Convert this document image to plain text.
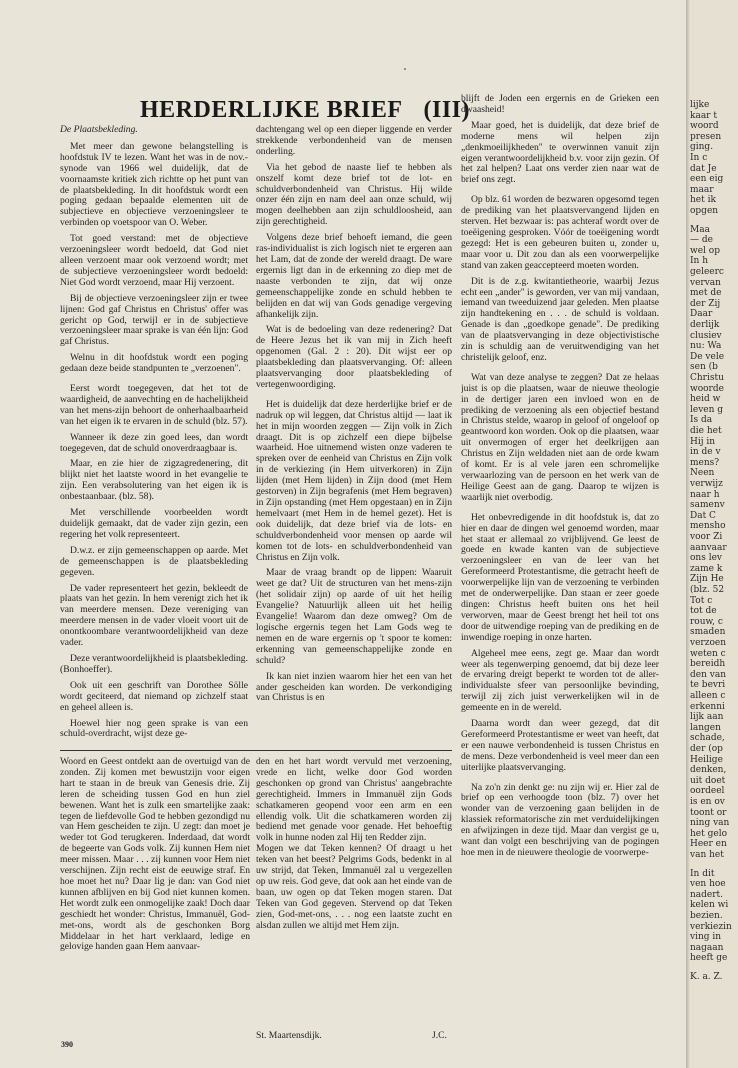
HERDERLIJKE BRIEF (III)
De Plaatsbekleding.

Met meer dan gewone belangstelling is hoofdstuk IV te lezen. Want het was in de nov.-synode van 1966 wel duidelijk, dat de voornaamste kritiek zich richtte op het punt van de plaatsbekleding. In dit hoofdstuk wordt een poging gedaan bepaalde elementen uit de subjectieve en objectieve verzoeningsleer te verbinden op voetspoor van O. Weber.

Tot goed verstand: met de objectieve verzoeningsleer wordt bedoeld, dat God niet alleen verzoent maar ook verzoend wordt; met de subjectieve verzoeningsleer wordt bedoeld: Niet God wordt verzoend, maar Hij verzoent.

Bij de objectieve verzoeningsleer zijn er twee lijnen: God gaf Christus en Christus' offer was gericht op God, terwijl er in de subjectieve verzoeningsleer maar sprake is van één lijn: God gaf Christus.

Welnu in dit hoofdstuk wordt een poging gedaan deze beide standpunten te „verzoenen".

Eerst wordt toegegeven, dat het tot de waardigheid, de aanvechting en de hachelijkheid van het mens-zijn behoort de onherhaalbaarheid van het eigen ik te ervaren in de schuld (blz. 57).

Wanneer ik deze zin goed lees, dan wordt toegegeven, dat de schuld onoverdraagbaar is.

Maar, en zie hier de zigzagredenering, dit blijkt niet het laatste woord in het evangelie te zijn. Een verabsolutering van het eigen ik is onbestaanbaar. (blz. 58).

Met verschillende voorbeelden wordt duidelijk gemaakt, dat de vader zijn gezin, een regering het volk representeert.

D.w.z. er zijn gemeenschappen op aarde. Met de gemeenschappen is de plaatsbekleding gegeven.

De vader representeert het gezin, bekleedt de plaats van het gezin. In hem verenigt zich het ik van meerdere mensen. Deze vereniging van meerdere mensen in de vader vloeit voort uit de onontkoombare verantwoordelijkheid van deze vader.

Deze verantwoordelijkheid is plaatsbekleding. (Bonhoeffer).

Ook uit een geschrift van Dorothee Sölle wordt geciteerd, dat niemand op zichzelf staat en geheel alleen is.

Hoewel hier nog geen sprake is van een schuld-overdracht, wijst deze ge-

dachtengang wel op een dieper liggende en verder strekkende verbondenheid van de mensen onderling.

Via het gebod de naaste lief te hebben als onszelf komt deze brief tot de lot- en schuldverbondenheid van Christus. Hij wilde onzer één zijn en nam deel aan onze schuld, wij mogen deelhebben aan zijn schuldloosheid, aan zijn gerechtigheid.

Volgens deze brief behoeft iemand, die geen ras-individualist is zich logisch niet te ergeren aan het Lam, dat de zonde der wereld draagt. De ware ergernis ligt dan in de erkenning zo diep met de naaste verbonden te zijn, dat wij onze gemeenschappelijke zonde en schuld hebben te belijden en dat wij van Gods genadige vergeving afhankelijk zijn.

Wat is de bedoeling van deze redenering? Dat de Heere Jezus het ik van mij in Zich heeft opgenomen (Gal. 2 : 20). Dit wijst eer op plaatsbekleding dan plaatsvervanging. Of: alleen plaatsvervanging door plaatsbekleding of vertegenwoordiging.

Het is duidelijk dat deze herderlijke brief er de nadruk op wil leggen, dat Christus altijd — laat ik het in mijn woorden zeggen — Zijn volk in Zich draagt. Dit is op zichzelf een diepe bijbelse waarheid. Hoe uitnemend wisten onze vaderen te spreken over de eenheid van Christus en Zijn volk in de verkiezing (in Hem uitverkoren) in Zijn lijden (met Hem lijden) in Zijn dood (met Hem gestorven) in Zijn begrafenis (met Hem begraven) in Zijn opstanding (met Hem opgestaan) en in Zijn hemelvaart (met Hem in de hemel gezet). Het is ook duidelijk, dat deze brief via de lots- en schuldverbondenheid voor mensen op aarde wil komen tot de lots- en schuldverbondenheid van Christus en Zijn volk.

Maar de vraag brandt op de lippen: Waaruit weet ge dat? Uit de structuren van het mens-zijn (het solidair zijn) op aarde of uit het heilig Evangelie? Natuurlijk alleen uit het heilig Evangelie! Waarom dan deze omweg? Om de logische ergernis tegen het Lam Gods weg te nemen en de ware ergernis op 't spoor te komen: erkenning van gemeenschappelijke zonde en schuld?

Ik kan niet inzien waarom hier het een van het ander gescheiden kan worden. De verkondiging van Christus is en

blijft de Joden een ergernis en de Grieken een dwaasheid!

Maar goed, het is duidelijk, dat deze brief de moderne mens wil helpen zijn „denkmoeilijkheden" te overwinnen vanuit zijn eigen verantwoordelijkheid b.v. voor zijn gezin. Of het zal helpen? Laat ons verder zien naar wat de brief ons zegt.

Op blz. 61 worden de bezwaren opgesomd tegen de prediking van het plaatsvervangend lijden en sterven. Het bezwaar is: pas achteraf wordt over de toeëigening gesproken. Vóór de toeëigening wordt gezegd: Het is een gebeuren buiten u, zonder u, maar voor u. Dit zou dan als een voorwerpelijke stand van zaken geaccepteerd moeten worden.

Dit is de z.g. kwitantietheorie, waarbij Jezus echt een „ander" is geworden, ver van mij vandaan, iemand van tweeduizend jaar geleden. Men plaatse zijn handtekening en . . . de schuld is voldaan. Genade is dan „goedkope genade". De prediking van de plaatsvervanging in deze objectivistische zin is schuldig aan de veruitwendiging van het christelijk geloof, enz.

Wat van deze analyse te zeggen? Dat ze helaas juist is op die plaatsen, waar de nieuwe theologie in de dertiger jaren een invloed won en de prediking de verzoening als een objectief bestand in Christus stelde, waarop in geloof of ongeloof op geantwoord kon worden. Ook op die plaatsen, waar uit onvermogen of erger het deelkrijgen aan Christus en Zijn weldaden niet aan de orde kwam of komt. Er is al vele jaren een schromelijke verwaarlozing van de persoon en het werk van de Heilige Geest aan de gang. Daarop te wijzen is waarlijk niet overbodig.

Het onbevredigende in dit hoofdstuk is, dat zo hier en daar de dingen wel genoemd worden, maar het staat er allemaal zo vrijblijvend. Ge leest de goede en kwade kanten van de subjectieve verzoeningsleer en van de leer van het Gereformeerd Protestantisme, die getracht heeft de voorwerpelijke lijn van de verzoening te verbinden met de onderwerpelijke. Dan staan er zeer goede dingen: Christus heeft buiten ons het heil verworven, maar de Geest brengt het heil tot ons door de uitwendige roeping van de prediking en de inwendige roeping in onze harten.

Algeheel mee eens, zegt ge. Maar dan wordt weer als tegenwerping genoemd, dat bij deze leer de ervaring dreigt beperkt te worden tot de aller-individualste sfeer van persoonlijke bevinding, terwijl zij zich juist verwerkelijken wil in de gemeente en in de wereld.

Daarna wordt dan weer gezegd, dat dit Gereformeerd Protestantisme er weet van heeft, dat er een nauwe verbondenheid is tussen Christus en de mens. Deze verbondenheid is veel meer dan een uiterlijke plaatsvervanging.

Na zo'n zin denkt ge: nu zijn wij er. Hier zal de brief op een verhoogde toon (blz. 7) over het wonder van de verzoening gaan belijden in de klassiek reformatorische zin met verduidelijkingen en afwijzingen in deze tijd. Maar dan vergist ge u, want dan volgt een beschrijving van de pogingen hoe men in de nieuwere theologie de voorwerpe-

Woord en Geest ontdekt aan de overtuigd van de zonden. Zij komen met bewustzijn voor eigen hart te staan in de breuk van Genesis drie. Zij leren de scheiding tussen God en hun ziel bewenen. Want het is zulk een smartelijke zaak: tegen de liefdevolle God te hebben gezondigd nu van Hem gescheiden te zijn. U zegt: dan moet je weder tot God terugkeren. Inderdaad, dat wordt de begeerte van Gods volk. Zij kunnen Hem niet meer missen. Maar . . . zij kunnen voor Hem niet verschijnen. Zijn recht eist de eeuwige straf. En hoe moet het nu? Daar lig je dan: van God niet kunnen afblijven en bij God niet kunnen komen. Het wordt zulk een onmogelijke zaak! Doch daar geschiedt het wonder: Christus, Immanuël, God-met-ons, wordt als de geschonken Borg Middelaar in het hart verklaard, ledige en gelovige handen gaan Hem aanvaar-

den en het hart wordt vervuld met verzoening, vrede en licht, welke door God worden geschonken op grond van Christus' aangebrachte gerechtigheid. Immers in Immanuël zijn Gods schatkameren geopend voor een arm en een ellendig volk. Uit die schatkameren worden zij bediend met genade voor genade. Het behoeftig volk in hunne noden zal Hij ten Redder zijn.
Mogen we dat Teken kennen? Of draagt u het teken van het beest? Pelgrims Gods, bedenkt in al uw strijd, dat Teken, Immanuël zal u vergezellen op uw reis. God geve, dat ook aan het einde van de baan, uw ogen op dat Teken mogen staren. Dat Teken van God gegeven. Stervend op dat Teken zien, God-met-ons, . . . nog een laatste zucht en alsdan zullen we altijd met Hem zijn.

St. Maartensdijk.	J.C.
390
lijke
kaar t
woord
presen
ging.
In c
dat Je
een eig
maar
het ik
opgen
Maa
— de
wel op
In h
geleerc
vervan
met de
der Zij
Daar
derlijk
clusiev
nu: Wa
De vele
sen (b
Christu
woorde
heid w
leven g
Is da
die het
Hij in
in de v
mens?
Neen
verwijz
naar h
samenv
Dat C
mensho
voor Zi
aanvaar
ons lev
zame k
Zijn He
(blz. 52
Tot c
tot de
rouw, c
smaden
verzoen
weten c
bereidh
den van
te bevri
alleen c
erkenni
lijk aan
langen
schade,
der (op
Heilige
denken,
uit doet
oordeel
is en ov
toont or
ning van
het gelo
Heer en
van het
In dit
ven hoe
nadert.
kelen wi
bezien.
verkiezin
ving in
nagaan
heeft ge
K. a. Z.
